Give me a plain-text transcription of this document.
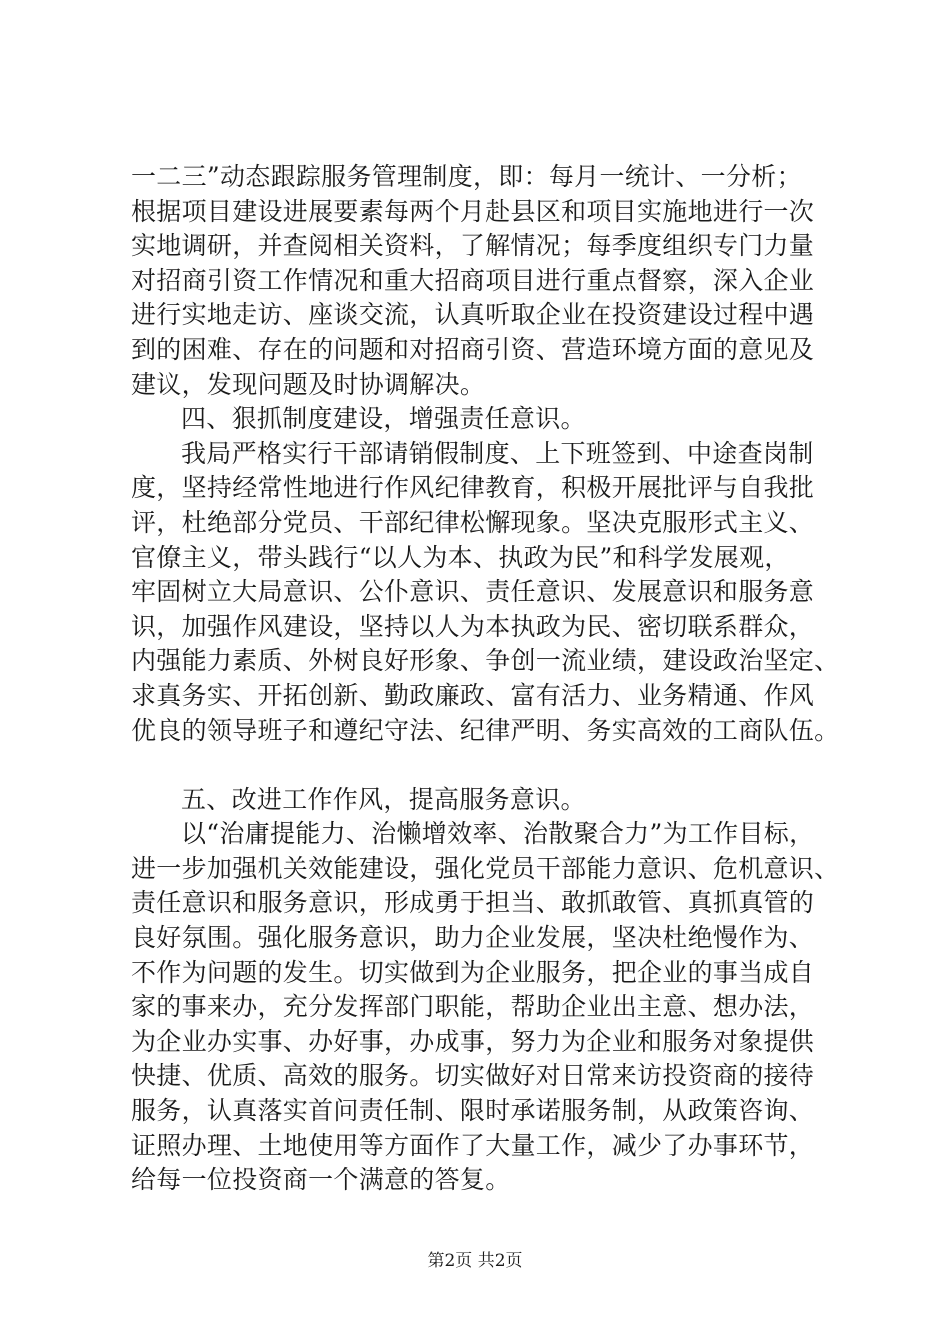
一二三”动态跟踪服务管理制度，即：每月一统计、一分析；
根据项目建设进展要素每两个月赴县区和项目实施地进行一次
实地调研，并查阅相关资料，了解情况；每季度组织专门力量
对招商引资工作情况和重大招商项目进行重点督察，深入企业
进行实地走访、座谈交流，认真听取企业在投资建设过程中遇
到的困难、存在的问题和对招商引资、营造环境方面的意见及
建议，发现问题及时协调解决。
四、狠抓制度建设，增强责任意识。
我局严格实行干部请销假制度、上下班签到、中途查岗制
度，坚持经常性地进行作风纪律教育，积极开展批评与自我批
评，杜绝部分党员、干部纪律松懈现象。坚决克服形式主义、
官僚主义，带头践行“以人为本、执政为民”和科学发展观，
牢固树立大局意识、公仆意识、责任意识、发展意识和服务意
识，加强作风建设，坚持以人为本执政为民、密切联系群众，
内强能力素质、外树良好形象、争创一流业绩，建设政治坚定、
求真务实、开拓创新、勤政廉政、富有活力、业务精通、作风
优良的领导班子和遵纪守法、纪律严明、务实高效的工商队伍。
五、改进工作作风，提高服务意识。
以“治庸提能力、治懒增效率、治散聚合力”为工作目标，
进一步加强机关效能建设，强化党员干部能力意识、危机意识、
责任意识和服务意识，形成勇于担当、敢抓敢管、真抓真管的
良好氛围。强化服务意识，助力企业发展，坚决杜绝慢作为、
不作为问题的发生。切实做到为企业服务，把企业的事当成自
家的事来办，充分发挥部门职能，帮助企业出主意、想办法，
为企业办实事、办好事，办成事，努力为企业和服务对象提供
快捷、优质、高效的服务。切实做好对日常来访投资商的接待
服务，认真落实首问责任制、限时承诺服务制，从政策咨询、
证照办理、土地使用等方面作了大量工作，减少了办事环节，
给每一位投资商一个满意的答复。
第2页 共2页
